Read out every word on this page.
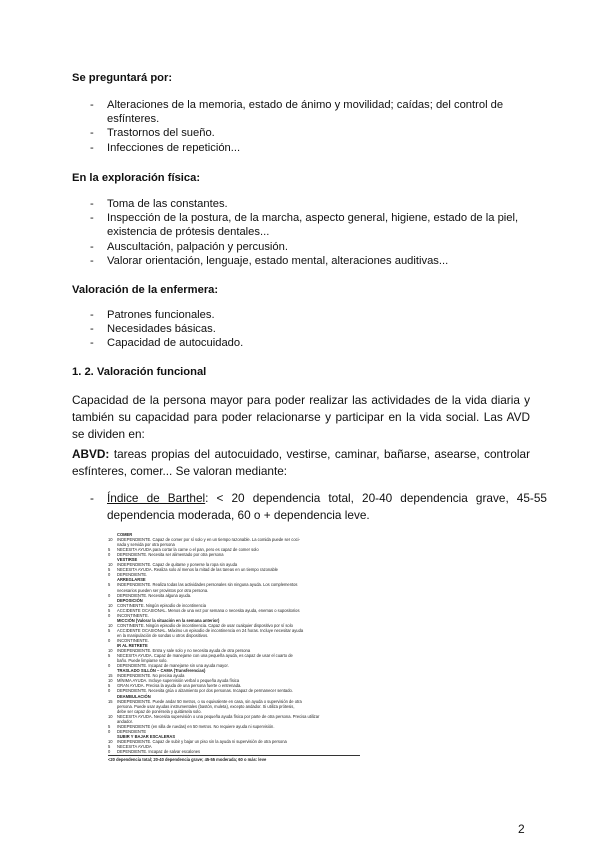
Se preguntará por:
- Alteraciones de la memoria, estado de ánimo y movilidad; caídas; del control de esfínteres.
- Trastornos del sueño.
- Infecciones de repetición...
En la exploración física:
- Toma de las constantes.
- Inspección de la postura, de la marcha, aspecto general, higiene, estado de la piel, existencia de prótesis dentales...
- Auscultación, palpación y percusión.
- Valorar orientación, lenguaje, estado mental, alteraciones auditivas...
Valoración de la enfermera:
- Patrones funcionales.
- Necesidades básicas.
- Capacidad de autocuidado.
1. 2. Valoración funcional

Capacidad de la persona mayor para poder realizar las actividades de la vida diaria y también su capacidad para poder relacionarse y participar en la vida social. Las AVD se dividen en:

ABVD: tareas propias del autocuidado, vestirse, caminar, bañarse, asearse, controlar esfínteres, comer... Se valoran mediante:

- Índice de Barthel: < 20 dependencia total, 20-40 dependencia grave, 45-55 dependencia moderada, 60 o + dependencia leve.
COMER
10 INDEPENDIENTE. Capaz de comer por sí solo y en un tiempo razonable. La comida puede ser coci-
nada y servida por otra persona
5 NECESITA AYUDA para cortar la carne o el pan, pero es capaz de comer solo
0 DEPENDIENTE. Necesita ser alimentado por otra persona
VESTIRSE
10 INDEPENDIENTE. Capaz de quitarse y ponerse la ropa sin ayuda
5 NECESITA AYUDA. Realiza solo al menos la mitad de las tareas en un tiempo razonable
0 DEPENDIENTE.
ARREGLARSE
5 INDEPENDIENTE. Realiza todas las actividades personales sin ninguna ayuda. Los complementos
necesarios pueden ser provistos por otra persona.
0 DEPENDIENTE. Necesita alguna ayuda.
DEPOSICIÓN
10 CONTINENTE. Ningún episodio de incontinencia
5 ACCIDENTE OCASIONAL. Menos de una vez por semana o necesita ayuda, enemas o supositorios
0 INCONTINENTE.
MICCIÓN (Valorar la situación en la semana anterior)
10 CONTINENTE. Ningún episodio de incontinencia. Capaz de usar cualquier dispositivo por sí solo
5 ACCIDENTE OCASIONAL. Máximo un episodio de incontinencia en 24 horas. Incluye necesitar ayuda
en la manipulación de sondas u otros dispositivos.
0 INCONTINENTE.
IR AL RETRETE
10 INDEPENDIENTE. Entra y sale solo y no necesita ayuda de otra persona
5 NECESITA AYUDA. Capaz de manejarse con una pequeña ayuda, es capaz de usar el cuarto de
baño. Puede limpiarse solo.
0 DEPENDIENTE. Incapaz de manejarse sin una ayuda mayor.
TRASLADO SILLÓN – CAMA (Transferencias)
15 INDEPENDIENTE. No precisa ayuda
10 MÍNIMA AYUDA. Incluye supervisión verbal o pequeña ayuda física
5 GRAN AYUDA. Precisa la ayuda de una persona fuerte o entrenada.
0 DEPENDIENTE. Necesita grúa o alzamiento por dos personas. Incapaz de permanecer sentado.
DEAMBULACIÓN
15 INDEPENDIENTE. Puede andar 50 metros, o su equivalente en casa, sin ayuda o supervisión de otra
persona. Puede usar ayudas instrumentales (bastón, muleta), excepto andador. Si utiliza prótesis,
debe ser capaz de ponérsela y quitársela solo.
10 NECESITA AYUDA. Necesita supervisión o una pequeña ayuda física por parte de otra persona. Precisa utilizar
andador.
5 INDEPENDIENTE (en silla de ruedas) en 50 metros. No requiere ayuda ni supervisión.
0 DEPENDIENTE
SUBIR Y BAJAR ESCALERAS
10 INDEPENDIENTE. Capaz de subir y bajar un piso sin la ayuda ni supervisión de otra persona
5 NECESITA AYUDA
0 DEPENDIENTE. Incapaz de salvar escalones
<20 dependencia total; 20-40 dependencia grave; 45-55 moderada; 60 o más: leve
2
